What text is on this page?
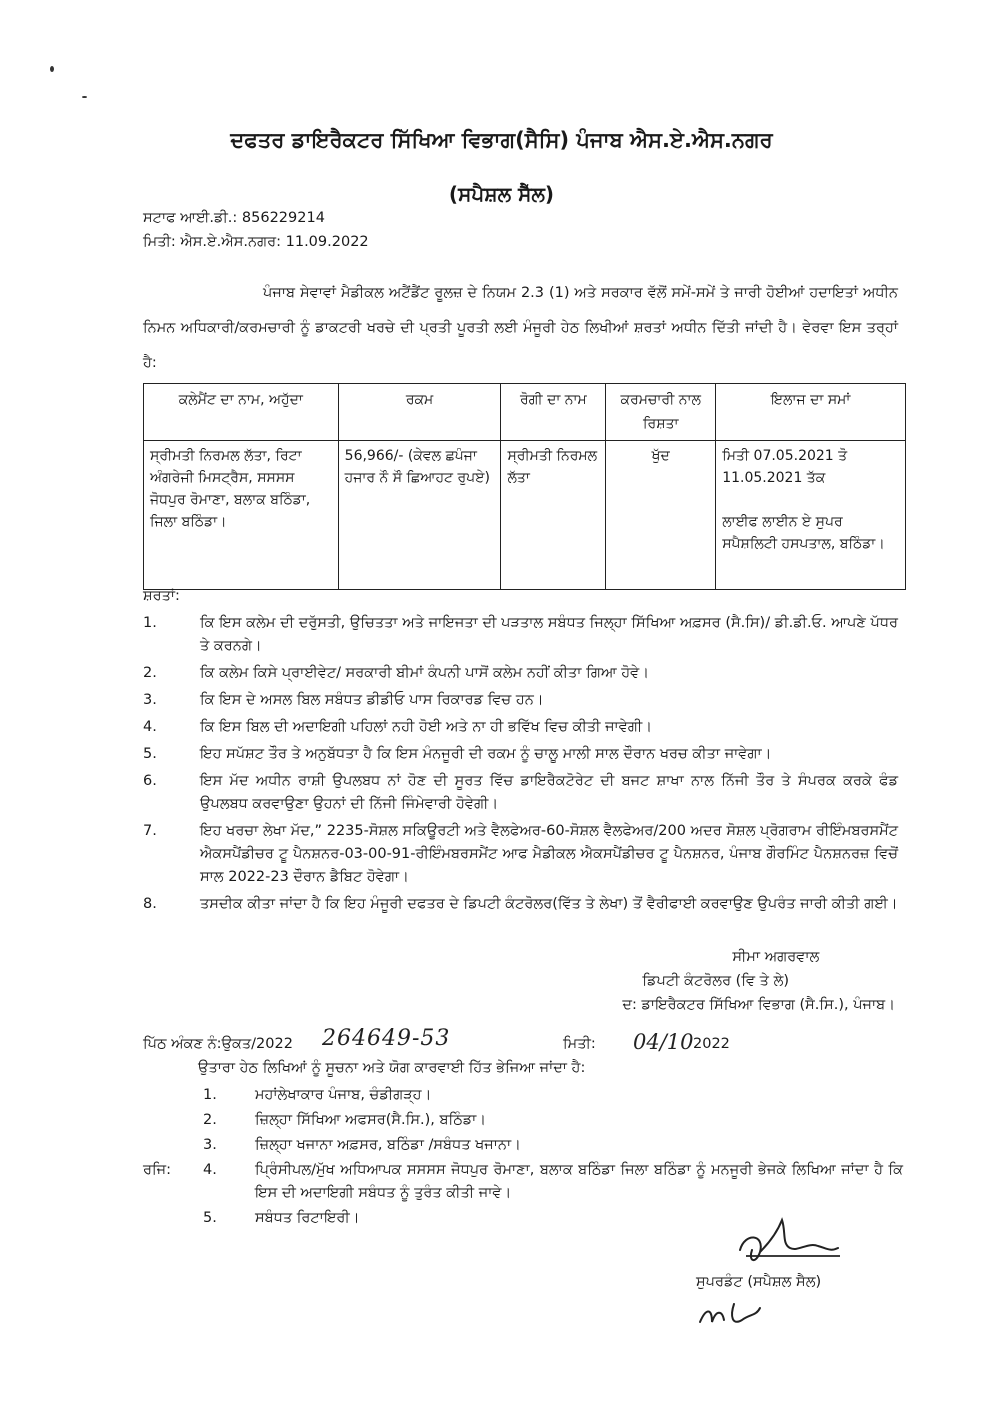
ਦਫਤਰ ਡਾਇਰੈਕਟਰ ਸਿੱਖਿਆ ਵਿਭਾਗ(ਸੈਸਿ) ਪੰਜਾਬ ਐਸ.ਏ.ਐਸ.ਨਗਰ
(ਸਪੈਸ਼ਲ ਸੈੱਲ)
ਸਟਾਫ ਆਈ.ਡੀ.: 856229214
ਮਿਤੀ: ਐਸ.ਏ.ਐਸ.ਨਗਰ: 11.09.2022
ਪੰਜਾਬ ਸੇਵਾਵਾਂ ਮੈਡੀਕਲ ਅਟੈਂਡੈਂਟ ਰੂਲਜ਼ ਦੇ ਨਿਯਮ 2.3 (1) ਅਤੇ ਸਰਕਾਰ ਵੱਲੋਂ ਸਮੇਂ-ਸਮੇਂ ਤੇ ਜਾਰੀ ਹੋਈਆਂ ਹਦਾਇਤਾਂ ਅਧੀਨ ਨਿਮਨ ਅਧਿਕਾਰੀ/ਕਰਮਚਾਰੀ ਨੂੰ ਡਾਕਟਰੀ ਖਰਚੇ ਦੀ ਪ੍ਰਤੀ ਪੂਰਤੀ ਲਈ ਮੰਜੂਰੀ ਹੇਠ ਲਿਖੀਆਂ ਸ਼ਰਤਾਂ ਅਧੀਨ ਦਿੱਤੀ ਜਾਂਦੀ ਹੈ। ਵੇਰਵਾ ਇਸ ਤਰ੍ਹਾਂ ਹੈ:
ਕਲੇਮੈਂਟ ਦਾ ਨਾਮ, ਅਹੁੱਦਾ	ਰਕਮ	ਰੋਗੀ ਦਾ ਨਾਮ	ਕਰਮਚਾਰੀ ਨਾਲ ਰਿਸ਼ਤਾ	ਇਲਾਜ ਦਾ ਸਮਾਂ
ਸ੍ਰੀਮਤੀ ਨਿਰਮਲ ਲੱਤਾ, ਰਿਟਾ ਅੰਗਰੇਜੀ ਮਿਸਟ੍ਰੈਸ, ਸਸਸਸ ਜੋਧਪੁਰ ਰੋਮਾਣਾ, ਬਲਾਕ ਬਠਿੰਡਾ, ਜਿਲਾ ਬਠਿੰਡਾ।	56,966/- (ਕੇਵਲ ਛਪੰਜਾ ਹਜਾਰ ਨੌ ਸੌ ਛਿਆਹਟ ਰੁਪਏ)	ਸ੍ਰੀਮਤੀ ਨਿਰਮਲ ਲੱਤਾ	ਖੁੱਦ	ਮਿਤੀ 07.05.2021 ਤੋ 11.05.2021 ਤੱਕ
ਲਾਈਫ ਲਾਈਨ ਏ ਸੁਪਰ ਸਪੈਸ਼ਲਿਟੀ ਹਸਪਤਾਲ, ਬਠਿੰਡਾ।
ਸ਼ਰਤਾਂ:
1.	ਕਿ ਇਸ ਕਲੇਮ ਦੀ ਦਰੁੱਸਤੀ, ਉਚਿਤਤਾ ਅਤੇ ਜਾਇਜਤਾ ਦੀ ਪੜਤਾਲ ਸਬੰਧਤ ਜਿਲ੍ਹਾ ਸਿੱਖਿਆ ਅਫ਼ਸਰ (ਸੈ.ਸਿ)/ ਡੀ.ਡੀ.ਓ. ਆਪਣੇ ਪੱਧਰ ਤੇ ਕਰਨਗੇ।
2.	ਕਿ ਕਲੇਮ ਕਿਸੇ ਪ੍ਰਾਈਵੇਟ/ ਸਰਕਾਰੀ ਬੀਮਾਂ ਕੰਪਨੀ ਪਾਸੋਂ ਕਲੇਮ ਨਹੀਂ ਕੀਤਾ ਗਿਆ ਹੋਵੇ।
3.	ਕਿ ਇਸ ਦੇ ਅਸਲ ਬਿਲ ਸਬੰਧਤ ਡੀਡੀਓ ਪਾਸ ਰਿਕਾਰਡ ਵਿਚ ਹਨ।
4.	ਕਿ ਇਸ ਬਿਲ ਦੀ ਅਦਾਇਗੀ ਪਹਿਲਾਂ ਨਹੀ ਹੋਈ ਅਤੇ ਨਾ ਹੀ ਭਵਿੱਖ ਵਿਚ ਕੀਤੀ ਜਾਵੇਗੀ।
5.	ਇਹ ਸਪੱਸ਼ਟ ਤੌਰ ਤੇ ਅਨੁਬੱਧਤਾ ਹੈ ਕਿ ਇਸ ਮੰਨਜੂਰੀ ਦੀ ਰਕਮ ਨੂੰ ਚਾਲੂ ਮਾਲੀ ਸਾਲ ਦੌਰਾਨ ਖਰਚ ਕੀਤਾ ਜਾਵੇਗਾ।
6.	ਇਸ ਮੱਦ ਅਧੀਨ ਰਾਸ਼ੀ ਉਪਲਬਧ ਨਾਂ ਹੋਣ ਦੀ ਸੂਰਤ ਵਿੱਚ ਡਾਇਰੈਕਟੋਰੇਟ ਦੀ ਬਜਟ ਸ਼ਾਖਾ ਨਾਲ ਨਿੱਜੀ ਤੌਰ ਤੇ ਸੰਪਰਕ ਕਰਕੇ ਫੰਡ ਉਪਲਬਧ ਕਰਵਾਉਣਾ ਉਹਨਾਂ ਦੀ ਨਿੱਜੀ ਜਿੰਮੇਵਾਰੀ ਹੋਵੇਗੀ।
7.	ਇਹ ਖਰਚਾ ਲੇਖਾ ਮੱਦ,” 2235-ਸੋਸ਼ਲ ਸਕਿਊਰਟੀ ਅਤੇ ਵੈਲਫੇਅਰ-60-ਸੋਸ਼ਲ ਵੈਲਫੇਅਰ/200 ਅਦਰ ਸੋਸ਼ਲ ਪ੍ਰੋਗਰਾਮ ਰੀਇੰਮਬਰਸਮੈਂਟ ਐਕਸਪੈਂਡੀਚਰ ਟੂ ਪੈਨਸ਼ਨਰ-03-00-91-ਰੀਇੰਮਬਰਸਮੈਂਟ ਆਫ ਮੈਡੀਕਲ ਐਕਸਪੈਂਡੀਚਰ ਟੂ ਪੈਨਸ਼ਨਰ, ਪੰਜਾਬ ਗੌਰਮਿੰਟ ਪੈਨਸ਼ਨਰਜ਼ ਵਿਚੋਂ ਸਾਲ 2022-23 ਦੌਰਾਨ ਡੈਬਿਟ ਹੋਵੇਗਾ।
8.	ਤਸਦੀਕ ਕੀਤਾ ਜਾਂਦਾ ਹੈ ਕਿ ਇਹ ਮੰਜੂਰੀ ਦਫਤਰ ਦੇ ਡਿਪਟੀ ਕੰਟਰੋਲਰ(ਵਿੱਤ ਤੇ ਲੇਖਾ) ਤੋਂ ਵੈਰੀਫਾਈ ਕਰਵਾਉਣ ਉਪਰੰਤ ਜਾਰੀ ਕੀਤੀ ਗਈ।
ਸੀਮਾ ਅਗਰਵਾਲ
ਡਿਪਟੀ ਕੰਟਰੋਲਰ (ਵਿ ਤੇ ਲੇ)
ਦ: ਡਾਇਰੈਕਟਰ ਸਿੱਖਿਆ ਵਿਭਾਗ (ਸੈ.ਸਿ.), ਪੰਜਾਬ।
ਪਿੱਠ ਅੰਕਣ ਨੰ:ਉਕਤ/2022 264649-53	ਮਿਤੀ: 04/10 2022
ਉਤਾਰਾ ਹੇਠ ਲਿਖਿਆਂ ਨੂੰ ਸੂਚਨਾ ਅਤੇ ਯੋਗ ਕਾਰਵਾਈ ਹਿੱਤ ਭੇਜਿਆ ਜਾਂਦਾ ਹੈ:
1.	ਮਹਾਂਲੇਖਾਕਾਰ ਪੰਜਾਬ, ਚੰਡੀਗੜ੍ਹ।
2.	ਜ਼ਿਲ੍ਹਾ ਸਿੱਖਿਆ ਅਫਸਰ(ਸੈ.ਸਿ.), ਬਠਿੰਡਾ।
3.	ਜ਼ਿਲ੍ਹਾ ਖਜਾਨਾ ਅਫ਼ਸਰ, ਬਠਿੰਡਾ /ਸਬੰਧਤ ਖਜਾਨਾ।
ਰਜਿ:	4.	ਪ੍ਰਿੰਸੀਪਲ/ਮੁੱਖ ਅਧਿਆਪਕ ਸਸਸਸ ਜੋਧਪੁਰ ਰੋਮਾਣਾ, ਬਲਾਕ ਬਠਿੰਡਾ ਜਿਲਾ ਬਠਿੰਡਾ ਨੂੰ ਮਨਜੂਰੀ ਭੇਜਕੇ ਲਿਖਿਆ ਜਾਂਦਾ ਹੈ ਕਿ ਇਸ ਦੀ ਅਦਾਇਗੀ ਸਬੰਧਤ ਨੂੰ ਤੁਰੰਤ ਕੀਤੀ ਜਾਵੇ।
5.	ਸਬੰਧਤ ਰਿਟਾਇਰੀ।
ਸੁਪਰਡੰਟ (ਸਪੈਸ਼ਲ ਸੈਲ)
